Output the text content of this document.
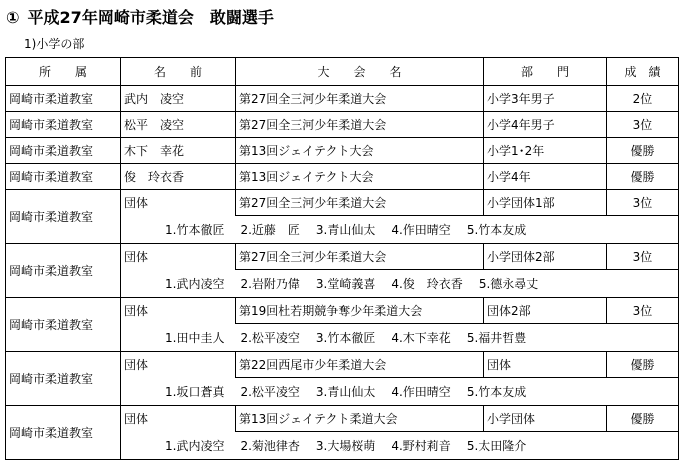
① 平成27年岡崎市柔道会　敢闘選手
1)小学の部
所　　属	名　　前	大　　会　　名	部　　門	成　績
岡崎市柔道教室	武内　凌空	第27回全三河少年柔道大会	小学3年男子	2位
岡崎市柔道教室	松平　凌空	第27回全三河少年柔道大会	小学4年男子	3位
岡崎市柔道教室	木下　幸花	第13回ジェイテクト大会	小学1･2年	優勝
岡崎市柔道教室	俊　玲衣香	第13回ジェイテクト大会	小学4年	優勝
岡崎市柔道教室	団体	第27回全三河少年柔道大会	小学団体1部	3位
	1.竹本徹匠 2.近藤　匠 3.青山仙太 4.作田晴空 5.竹本友成			
岡崎市柔道教室	団体	第27回全三河少年柔道大会	小学団体2部	3位
	1.武内凌空 2.岩附乃偉 3.堂崎義喜 4.俊　玲衣香 5.德永尋丈			
岡崎市柔道教室	団体	第19回杜若期競争奪少年柔道大会	団体2部	3位
	1.田中圭人 2.松平凌空 3.竹本徹匠 4.木下幸花 5.福井哲豊			
岡崎市柔道教室	団体	第22回西尾市少年柔道大会	団体	優勝
	1.坂口蒼真 2.松平凌空 3.青山仙太 4.作田晴空 5.竹本友成			
岡崎市柔道教室	団体	第13回ジェイテクト柔道大会	小学団体	優勝
	1.武内凌空 2.菊池律杏 3.大場桜萌 4.野村莉音 5.太田隆介			
